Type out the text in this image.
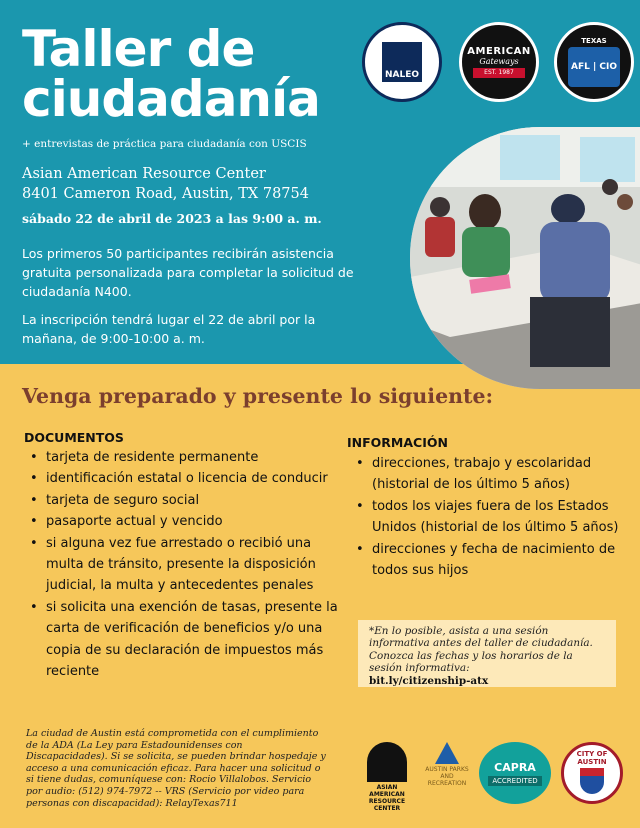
Taller de
ciudadanía
+ entrevistas de práctica para ciudadanía con USCIS
Asian American Resource Center
8401 Cameron Road, Austin, TX 78754
sábado 22 de abril de 2023 a las 9:00 a. m.
Los primeros 50 participantes recibirán asistencia gratuita personalizada para completar la solicitud de ciudadanía N400.
La inscripción tendrá lugar el 22 de abril por la mañana, de 9:00-10:00 a. m.
NALEO
AMERICAN
Gateways
EST. 1987
TEXAS
AFL | CIO
Venga preparado y presente lo siguiente:
DOCUMENTOS
• tarjeta de residente permanente
• identificación estatal o licencia de conducir
• tarjeta de seguro social
• pasaporte actual y vencido
• si alguna vez fue arrestado o recibió una multa de tránsito, presente la disposición judicial, la multa y antecedentes penales
• si solicita una exención de tasas, presente la carta de verificación de beneficios y/o una copia de su declaración de impuestos más reciente
INFORMACIÓN
• direcciones, trabajo y escolaridad (historial de los último 5 años)
• todos los viajes fuera de los Estados Unidos (historial de los último 5 años)
• direcciones y fecha de nacimiento de todos sus hijos
*En lo posible, asista a una sesión informativa antes del taller de ciudadanía. Conozca las fechas y los horarios de la sesión informativa:
bit.ly/citizenship-atx
La ciudad de Austin está comprometida con el cumplimiento de la ADA (La Ley para Estadounidenses con Discapacidades). Si se solicita, se pueden brindar hospedaje y acceso a una comunicación eficaz. Para hacer una solicitud o si tiene dudas, comuníquese con: Rocio Villalobos. Servicio por audio: (512) 974-7972 -- VRS (Servicio por video para personas con discapacidad): RelayTexas711
ASIAN AMERICAN RESOURCE CENTER
AUSTIN PARKS AND RECREATION
CAPRA
ACCREDITED
CITY OF AUSTIN
